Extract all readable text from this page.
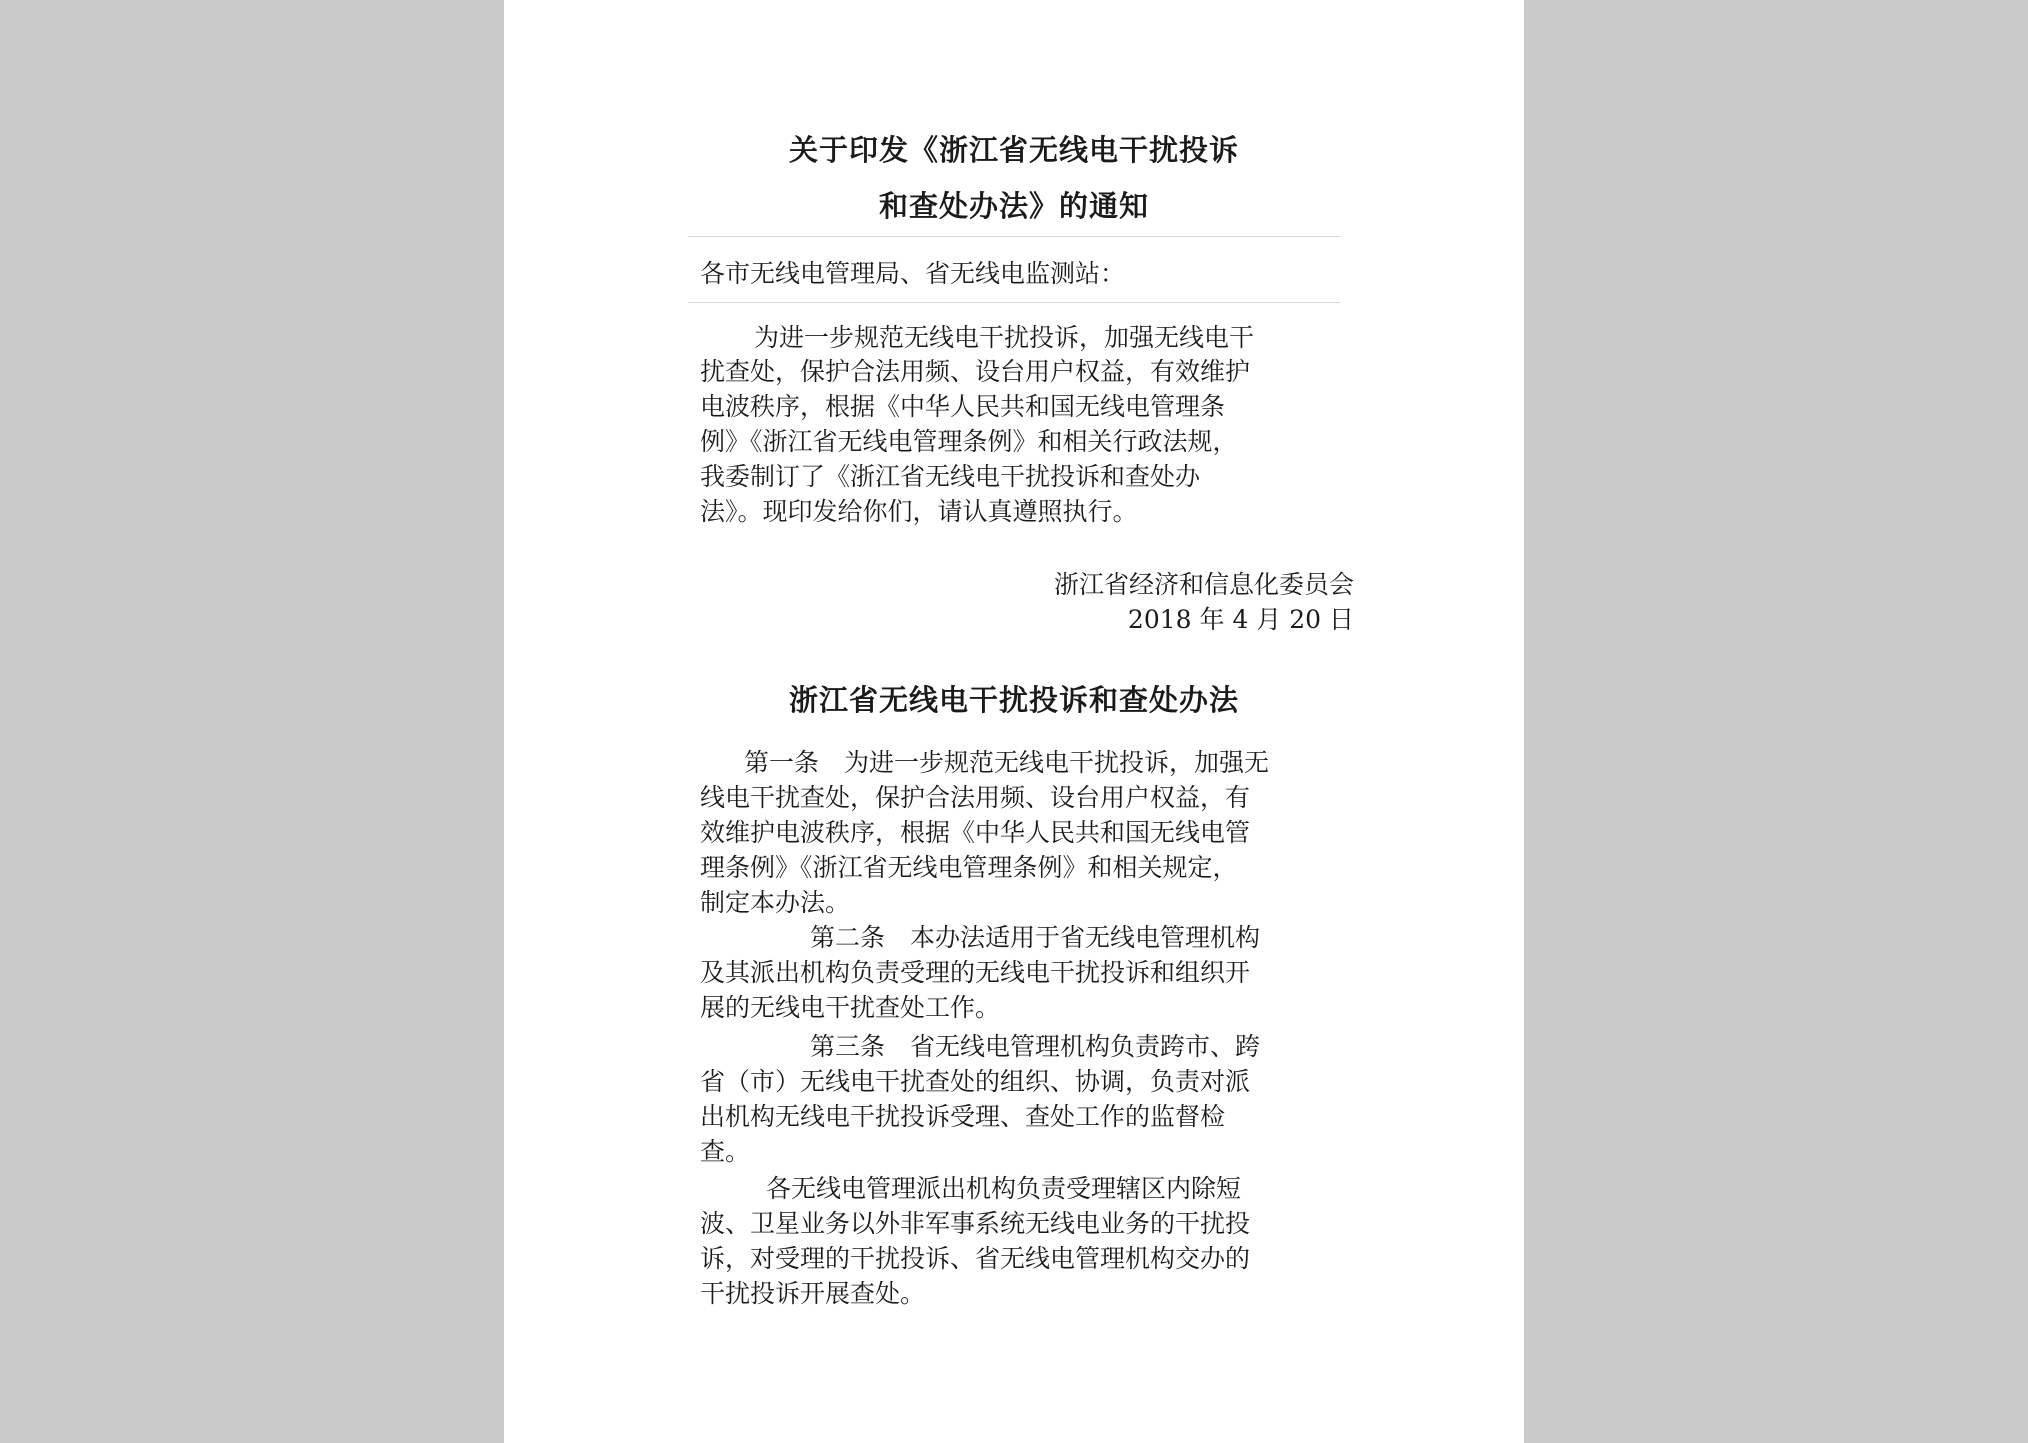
关于印发《浙江省无线电干扰投诉
和查处办法》的通知
各市无线电管理局、省无线电监测站：
为进一步规范无线电干扰投诉，加强无线电干
扰查处，保护合法用频、设台用户权益，有效维护
电波秩序，根据《中华人民共和国无线电管理条
例》《浙江省无线电管理条例》和相关行政法规，
我委制订了《浙江省无线电干扰投诉和查处办
法》。现印发给你们，请认真遵照执行。
浙江省经济和信息化委员会
2018 年 4 月 20 日
浙江省无线电干扰投诉和查处办法
第一条　为进一步规范无线电干扰投诉，加强无
线电干扰查处，保护合法用频、设台用户权益，有
效维护电波秩序，根据《中华人民共和国无线电管
理条例》《浙江省无线电管理条例》和相关规定，
制定本办法。
第二条　本办法适用于省无线电管理机构
及其派出机构负责受理的无线电干扰投诉和组织开
展的无线电干扰查处工作。
第三条　省无线电管理机构负责跨市、跨
省（市）无线电干扰查处的组织、协调，负责对派
出机构无线电干扰投诉受理、查处工作的监督检
查。
各无线电管理派出机构负责受理辖区内除短
波、卫星业务以外非军事系统无线电业务的干扰投
诉，对受理的干扰投诉、省无线电管理机构交办的
干扰投诉开展查处。
